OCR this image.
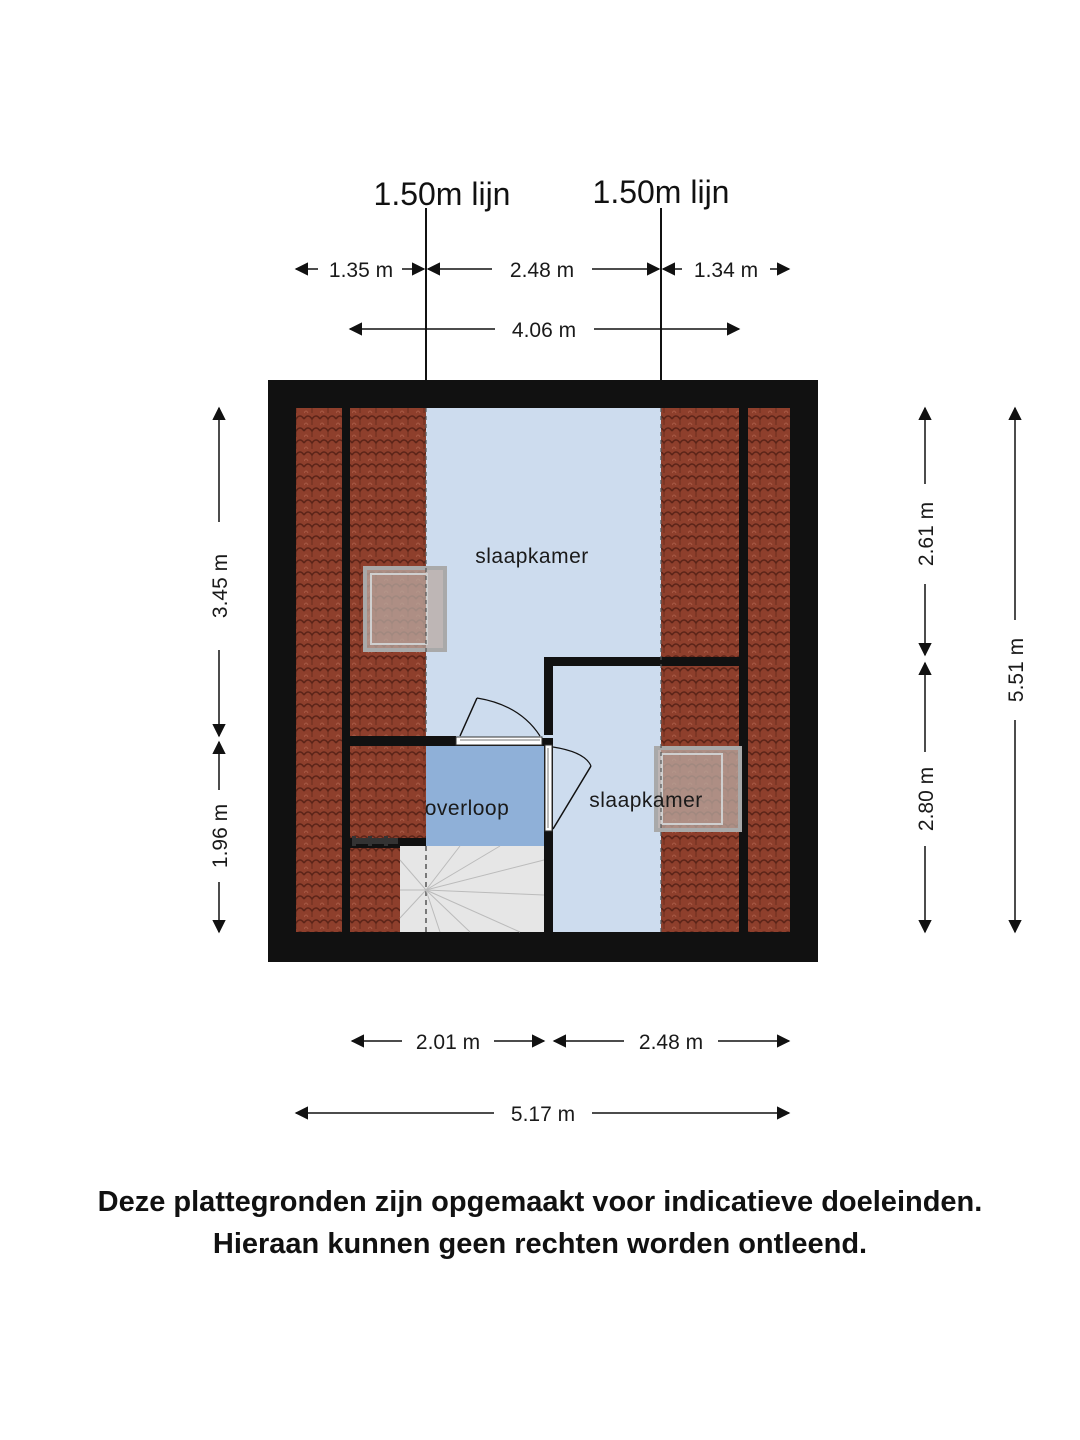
1.50m lijn	1.50m lijn
slaapkamer
slaapkamer
overloop
1.35 m	2.48 m	1.34 m
4.06 m
3.45 m
1.96 m
2.61 m
2.80 m
5.51 m
2.01 m	2.48 m
5.17 m
Deze plattegronden zijn opgemaakt voor indicatieve doeleinden.
Hieraan kunnen geen rechten worden ontleend.
